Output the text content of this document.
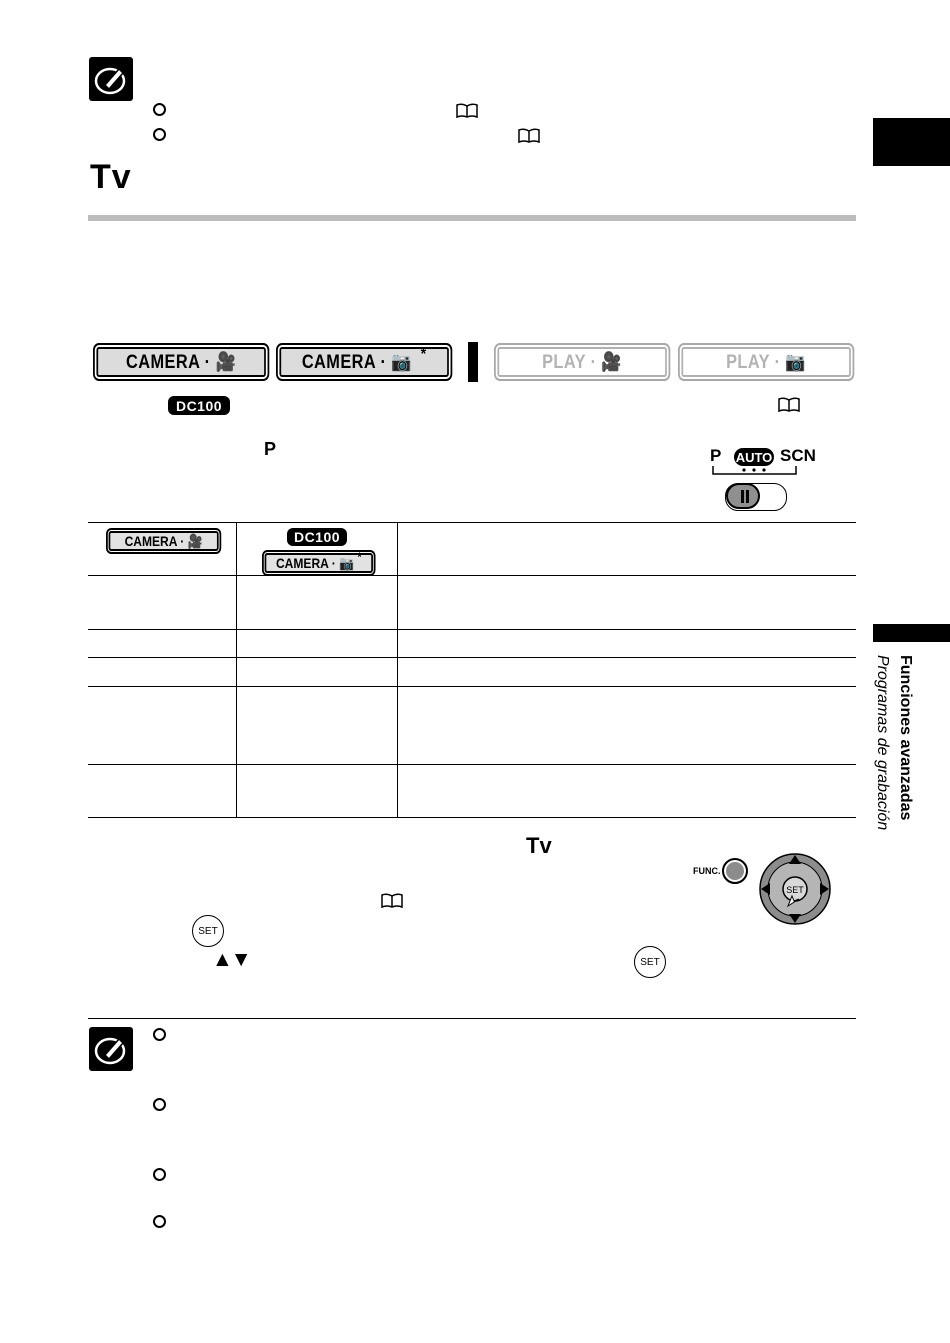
Tv
Funciones avanzadas
Programas de grabación
CAMERA · 🎥	CAMERA · 📷 *	PLAY · 🎥	PLAY · 📷
DC100
P	P AUTO SCN
CAMERA · 🎥	DC100
CAMERA · 📷 *
Tv
SET
▲▼	SET
FUNC.
SET
